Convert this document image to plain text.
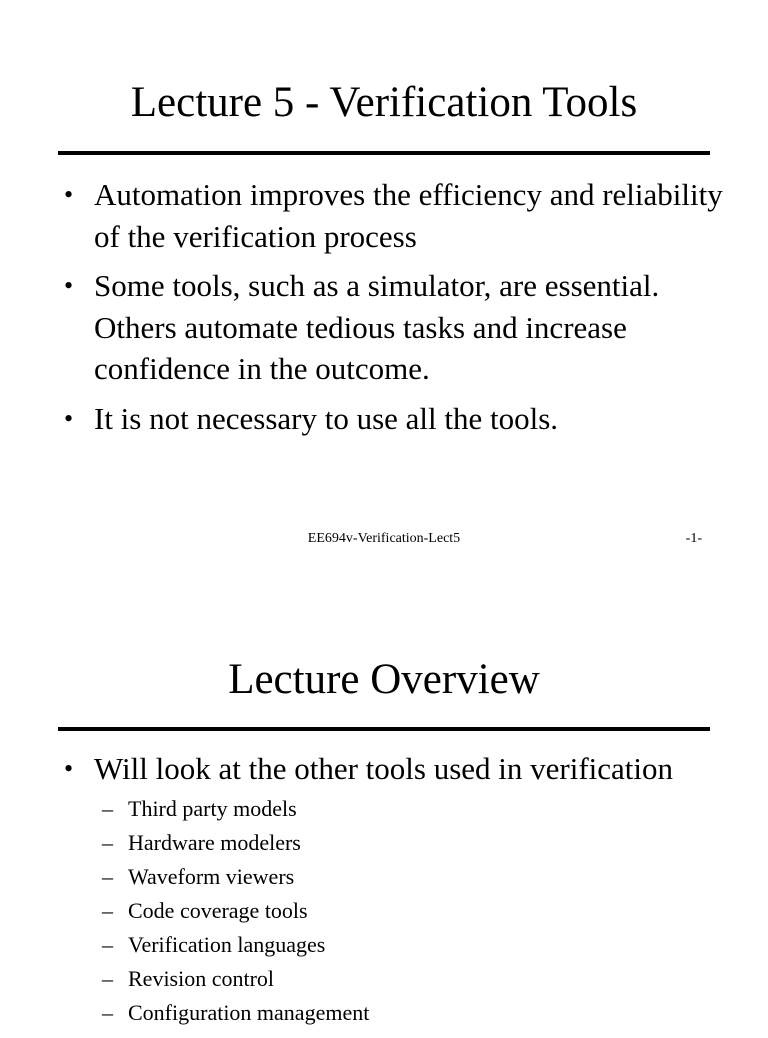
Lecture 5 - Verification Tools
• Automation improves the efficiency and reliability of the verification process
• Some tools, such as a simulator, are essential. Others automate tedious tasks and increase confidence in the outcome.
• It is not necessary to use all the tools.
EE694v-Verification-Lect5	-1-
Lecture Overview
• Will look at the other tools used in verification
– Third party models
– Hardware modelers
– Waveform viewers
– Code coverage tools
– Verification languages
– Revision control
– Configuration management
